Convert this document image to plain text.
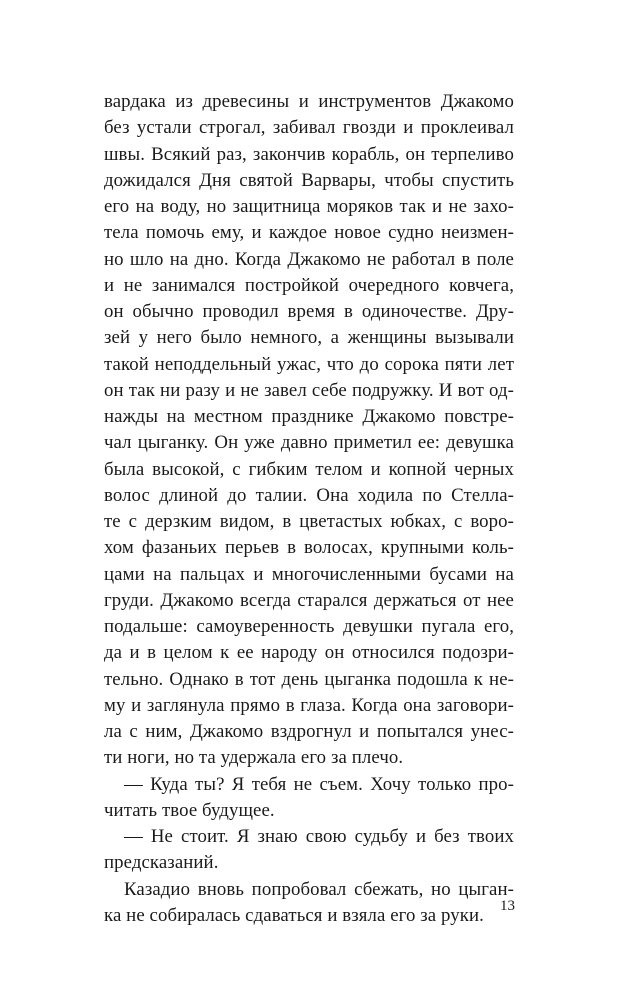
вардака из древесины и инструментов Джакомо
без устали строгал, забивал гвозди и проклеивал
швы. Всякий раз, закончив корабль, он терпеливо
дожидался Дня святой Варвары, чтобы спустить
его на воду, но защитница моряков так и не захо-
тела помочь ему, и каждое новое судно неизмен-
но шло на дно. Когда Джакомо не работал в поле
и не занимался постройкой очередного ковчега,
он обычно проводил время в одиночестве. Дру-
зей у него было немного, а женщины вызывали
такой неподдельный ужас, что до сорока пяти лет
он так ни разу и не завел себе подружку. И вот од-
нажды на местном празднике Джакомо повстре-
чал цыганку. Он уже давно приметил ее: девушка
была высокой, с гибким телом и копной черных
волос длиной до талии. Она ходила по Стелла-
те с дерзким видом, в цветастых юбках, с воро-
хом фазаньих перьев в волосах, крупными коль-
цами на пальцах и многочисленными бусами на
груди. Джакомо всегда старался держаться от нее
подальше: самоуверенность девушки пугала его,
да и в целом к ее народу он относился подозри-
тельно. Однако в тот день цыганка подошла к не-
му и заглянула прямо в глаза. Когда она заговори-
ла с ним, Джакомо вздрогнул и попытался унес-
ти ноги, но та удержала его за плечо.
— Куда ты? Я тебя не съем. Хочу только про-
читать твое будущее.
— Не стоит. Я знаю свою судьбу и без твоих
предсказаний.
Казадио вновь попробовал сбежать, но цыган-
ка не собиралась сдаваться и взяла его за руки.	13
